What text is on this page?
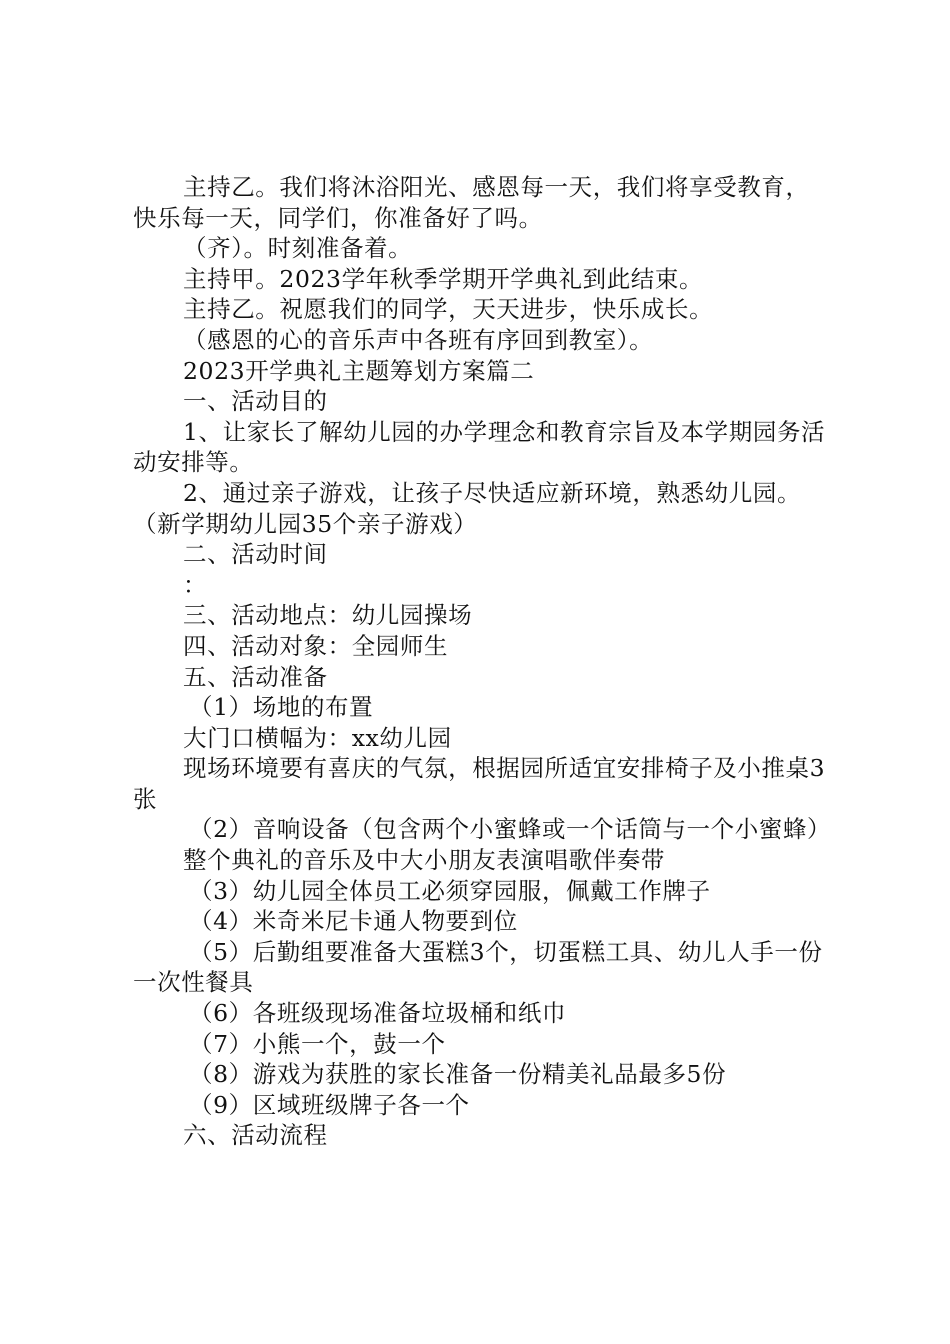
主持乙。我们将沐浴阳光、感恩每一天，我们将享受教育，快乐每一天，同学们，你准备好了吗。

（齐）。时刻准备着。

主持甲。2023学年秋季学期开学典礼到此结束。

主持乙。祝愿我们的同学，天天进步，快乐成长。

（感恩的心的音乐声中各班有序回到教室）。

2023开学典礼主题筹划方案篇二

一、活动目的

1、让家长了解幼儿园的办学理念和教育宗旨及本学期园务活动安排等。

2、通过亲子游戏，让孩子尽快适应新环境，熟悉幼儿园。（新学期幼儿园35个亲子游戏）

二、活动时间

：

三、活动地点：幼儿园操场

四、活动对象：全园师生

五、活动准备

（1）场地的布置

大门口横幅为：xx幼儿园

现场环境要有喜庆的气氛，根据园所适宜安排椅子及小推桌3张

（2）音响设备（包含两个小蜜蜂或一个话筒与一个小蜜蜂）

整个典礼的音乐及中大小朋友表演唱歌伴奏带

（3）幼儿园全体员工必须穿园服，佩戴工作牌子

（4）米奇米尼卡通人物要到位

（5）后勤组要准备大蛋糕3个，切蛋糕工具、幼儿人手一份一次性餐具

（6）各班级现场准备垃圾桶和纸巾

（7）小熊一个，鼓一个

（8）游戏为获胜的家长准备一份精美礼品最多5份

（9）区域班级牌子各一个

六、活动流程
